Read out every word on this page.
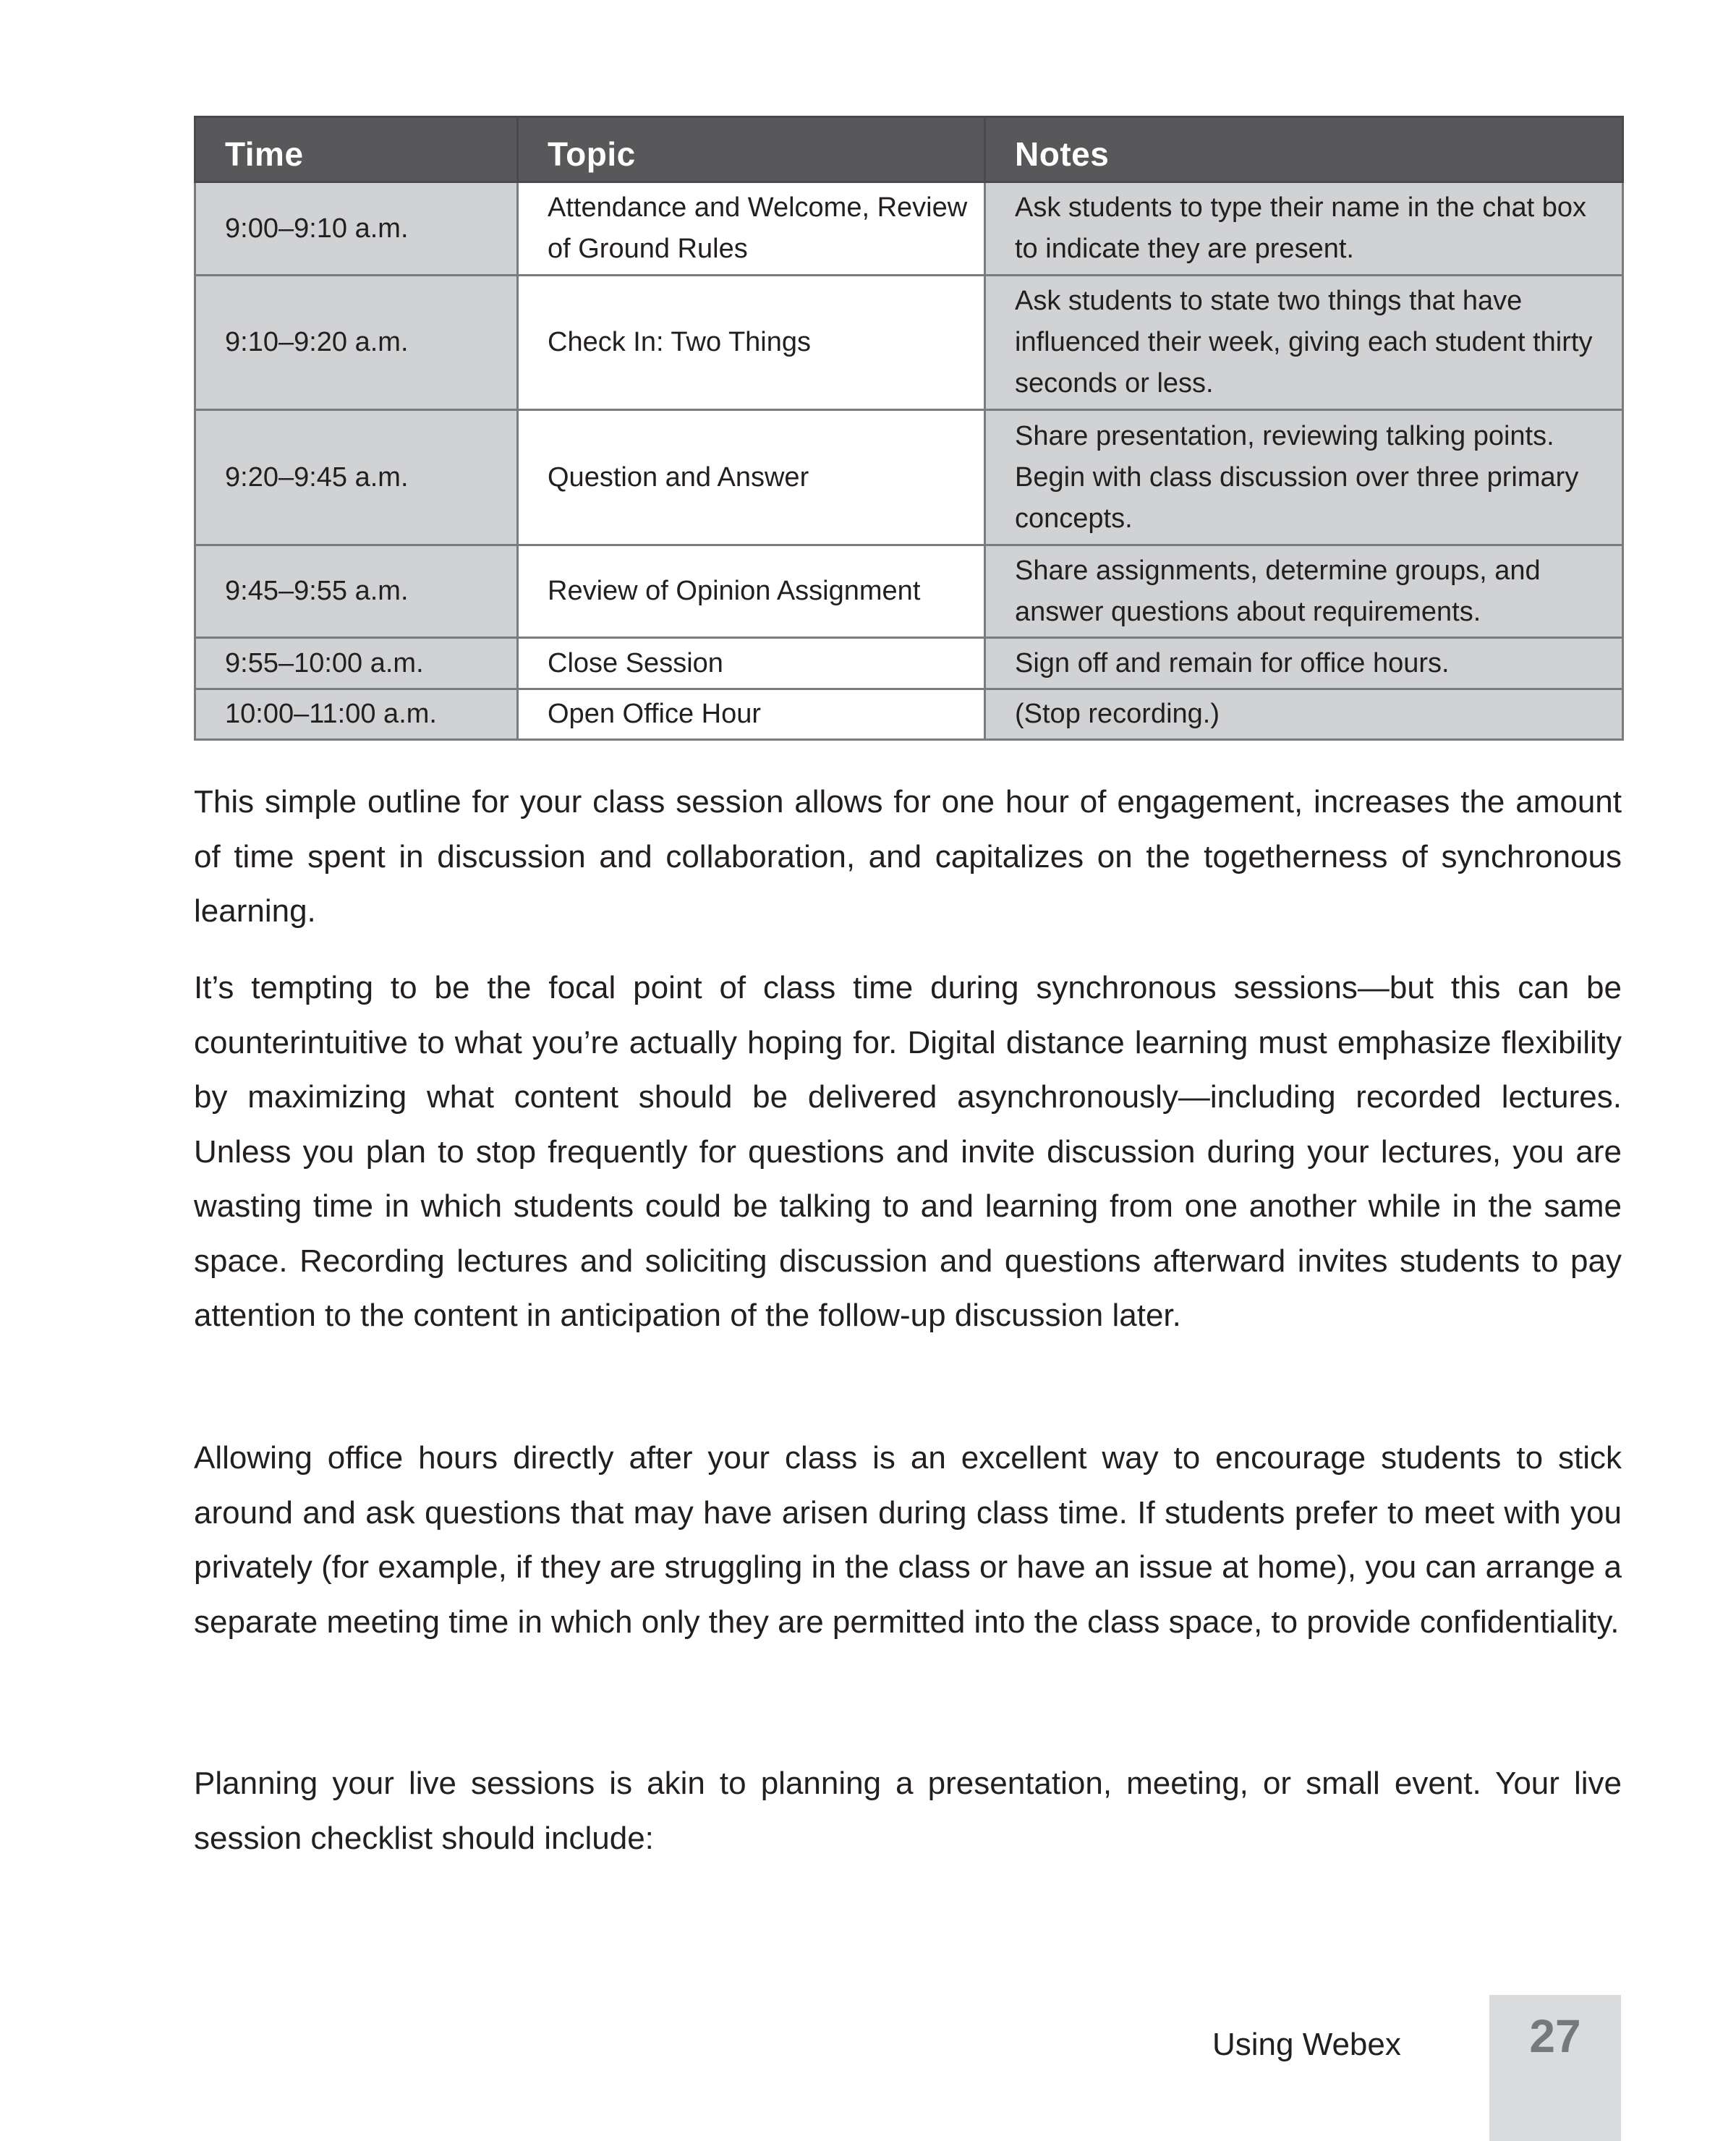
Time	Topic	Notes
9:00–9:10 a.m.	Attendance and Welcome, Review of Ground Rules	Ask students to type their name in the chat box to indicate they are present.
9:10–9:20 a.m.	Check In: Two Things	Ask students to state two things that have influenced their week, giving each student thirty seconds or less.
9:20–9:45 a.m.	Question and Answer	Share presentation, reviewing talking points. Begin with class discussion over three primary concepts.
9:45–9:55 a.m.	Review of Opinion Assignment	Share assignments, determine groups, and answer questions about requirements.
9:55–10:00 a.m.	Close Session	Sign off and remain for office hours.
10:00–11:00 a.m.	Open Office Hour	(Stop recording.)

This simple outline for your class session allows for one hour of engagement, increases the amount of time spent in discussion and collaboration, and capitalizes on the togetherness of synchronous learning.

It’s tempting to be the focal point of class time during synchronous sessions—but this can be counterintuitive to what you’re actually hoping for. Digital distance learning must emphasize flexibility by maximizing what content should be delivered asynchronously—including recorded lectures. Unless you plan to stop frequently for questions and invite discussion during your lectures, you are wasting time in which students could be talking to and learning from one another while in the same space. Recording lectures and soliciting discussion and questions afterward invites students to pay attention to the content in anticipation of the follow-up discussion later.

Allowing office hours directly after your class is an excellent way to encourage students to stick around and ask questions that may have arisen during class time. If students prefer to meet with you privately (for example, if they are struggling in the class or have an issue at home), you can arrange a separate meeting time in which only they are permitted into the class space, to provide confidentiality.

Planning your live sessions is akin to planning a presentation, meeting, or small event. Your live session checklist should include:

Using Webex	27
